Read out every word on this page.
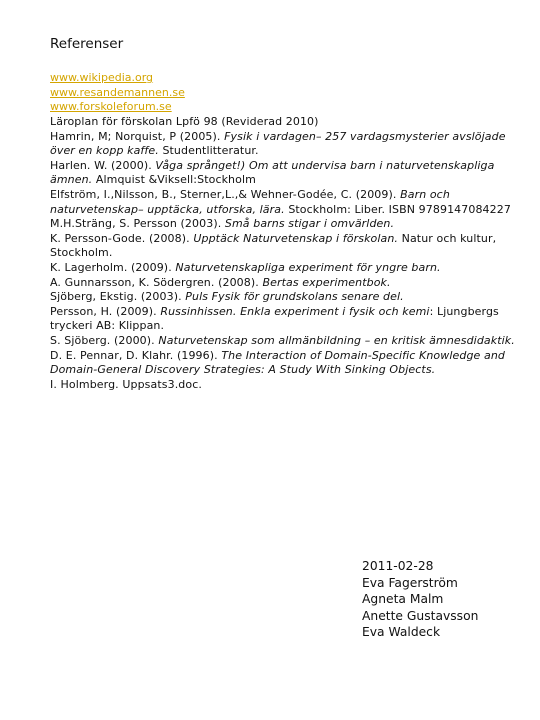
Referenser
www.wikipedia.org
www.resandemannen.se
www.forskoleforum.se
Läroplan för förskolan Lpfö 98 (Reviderad 2010)
Hamrin, M; Norquist, P (2005). Fysik i vardagen– 257 vardagsmysterier avslöjade
över en kopp kaffe. Studentlitteratur.
Harlen. W. (2000). Våga språnget!) Om att undervisa barn i naturvetenskapliga
ämnen. Almquist &Viksell:Stockholm
Elfström, I.,Nilsson, B., Sterner,L.,& Wehner-Godée, C. (2009). Barn och
naturvetenskap– upptäcka, utforska, lära. Stockholm: Liber. ISBN 9789147084227
M.H.Sträng, S. Persson (2003). Små barns stigar i omvärlden.
K. Persson-Gode. (2008). Upptäck Naturvetenskap i förskolan. Natur och kultur,
Stockholm.
K. Lagerholm. (2009). Naturvetenskapliga experiment för yngre barn.
A. Gunnarsson, K. Södergren. (2008). Bertas experimentbok.
Sjöberg, Ekstig. (2003). Puls Fysik för grundskolans senare del.
Persson, H. (2009). Russinhissen. Enkla experiment i fysik och kemi: Ljungbergs
tryckeri AB: Klippan.
S. Sjöberg. (2000). Naturvetenskap som allmänbildning – en kritisk ämnesdidaktik.
D. E. Pennar, D. Klahr. (1996). The Interaction of Domain-Specific Knowledge and
Domain-General Discovery Strategies: A Study With Sinking Objects.
I. Holmberg. Uppsats3.doc.
2011-02-28
Eva Fagerström
Agneta Malm
Anette Gustavsson
Eva Waldeck
